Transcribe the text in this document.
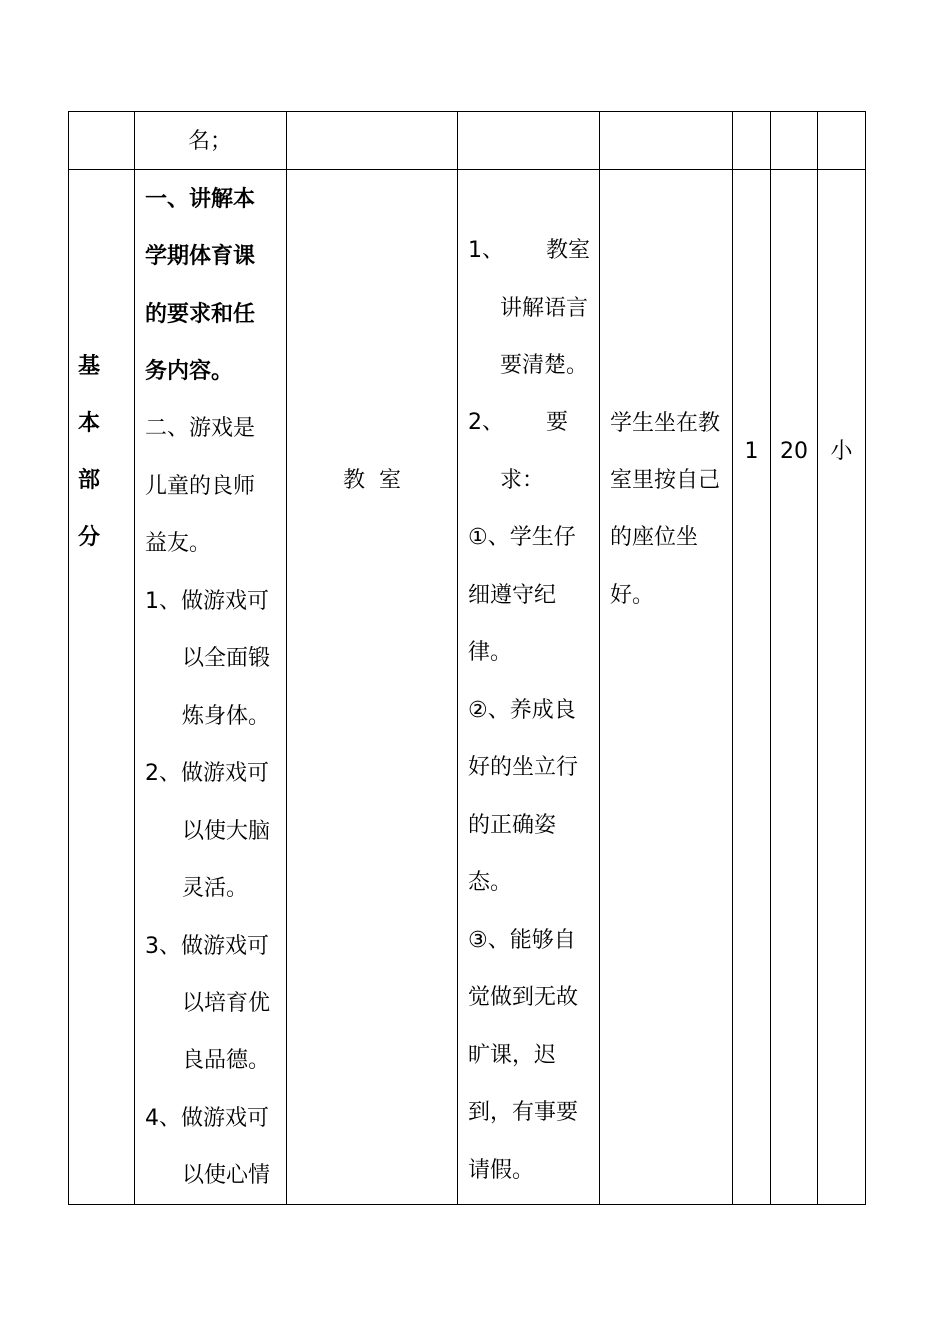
名；
基
本
部
分
一、讲解本
学期体育课
的要求和任
务内容。
二、游戏是
儿童的良师
益友。
1、做游戏可
以全面锻
炼身体。
2、做游戏可
以使大脑
灵活。
3、做游戏可
以培育优
良品德。
4、做游戏可
以使心情
教  室
1、      教室
讲解语言
要清楚。
2、      要
求：
①、学生仔
细遵守纪
律。
②、养成良
好的坐立行
的正确姿
态。
③、能够自
觉做到无故
旷课，迟
到，有事要
请假。
学生坐在教
室里按自己
的座位坐
好。
1 20	小
